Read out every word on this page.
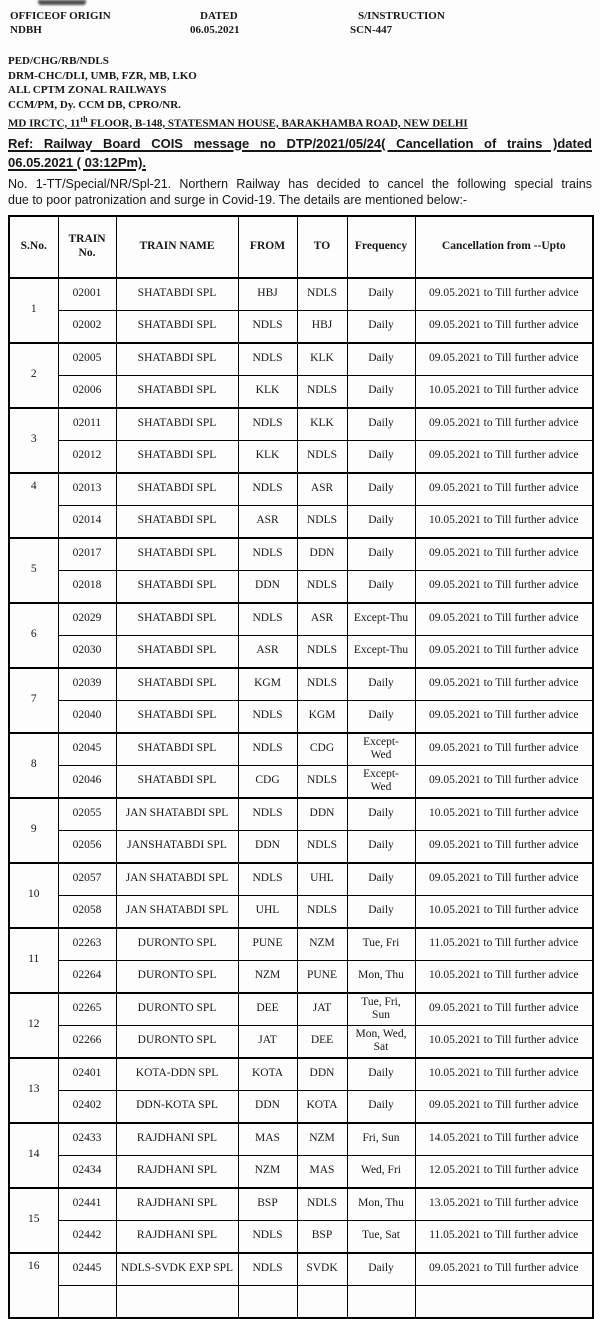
OFFICEOF ORIGIN
NDBH
DATED
06.05.2021
S/INSTRUCTION
SCN-447
PED/CHG/RB/NDLS
DRM-CHC/DLI, UMB, FZR, MB, LKO
ALL CPTM ZONAL RAILWAYS
CCM/PM, Dy. CCM DB, CPRO/NR.
MD IRCTC, 11th FLOOR, B-148, STATESMAN HOUSE, BARAKHAMBA ROAD, NEW DELHI
Ref: Railway Board COIS message no DTP/2021/05/24( Cancellation of trains )dated
06.05.2021 ( 03:12Pm).
No. 1-TT/Special/NR/Spl-21. Northern Railway has decided to cancel the following special trains
due to poor patronization and surge in Covid-19. The details are mentioned below:-
S.No.	TRAIN No.	TRAIN NAME	FROM	TO	Frequency	Cancellation from --Upto
1	02001	SHATABDI SPL	HBJ	NDLS	Daily	09.05.2021 to Till further advice
	02002	SHATABDI SPL	NDLS	HBJ	Daily	09.05.2021 to Till further advice
2	02005	SHATABDI SPL	NDLS	KLK	Daily	09.05.2021 to Till further advice
	02006	SHATABDI SPL	KLK	NDLS	Daily	10.05.2021 to Till further advice
3	02011	SHATABDI SPL	NDLS	KLK	Daily	09.05.2021 to Till further advice
	02012	SHATABDI SPL	KLK	NDLS	Daily	09.05.2021 to Till further advice
4	02013	SHATABDI SPL	NDLS	ASR	Daily	09.05.2021 to Till further advice
	02014	SHATABDI SPL	ASR	NDLS	Daily	10.05.2021 to Till further advice
5	02017	SHATABDI SPL	NDLS	DDN	Daily	09.05.2021 to Till further advice
	02018	SHATABDI SPL	DDN	NDLS	Daily	09.05.2021 to Till further advice
6	02029	SHATABDI SPL	NDLS	ASR	Except-Thu	09.05.2021 to Till further advice
	02030	SHATABDI SPL	ASR	NDLS	Except-Thu	09.05.2021 to Till further advice
7	02039	SHATABDI SPL	KGM	NDLS	Daily	09.05.2021 to Till further advice
	02040	SHATABDI SPL	NDLS	KGM	Daily	09.05.2021 to Till further advice
8	02045	SHATABDI SPL	NDLS	CDG	Except-Wed	09.05.2021 to Till further advice
	02046	SHATABDI SPL	CDG	NDLS	Except-Wed	09.05.2021 to Till further advice
9	02055	JAN SHATABDI SPL	NDLS	DDN	Daily	10.05.2021 to Till further advice
	02056	JANSHATABDI SPL	DDN	NDLS	Daily	09.05.2021 to Till further advice
10	02057	JAN SHATABDI SPL	NDLS	UHL	Daily	09.05.2021 to Till further advice
	02058	JAN SHATABDI SPL	UHL	NDLS	Daily	10.05.2021 to Till further advice
11	02263	DURONTO SPL	PUNE	NZM	Tue, Fri	11.05.2021 to Till further advice
	02264	DURONTO SPL	NZM	PUNE	Mon, Thu	10.05.2021 to Till further advice
12	02265	DURONTO SPL	DEE	JAT	Tue, Fri, Sun	09.05.2021 to Till further advice
	02266	DURONTO SPL	JAT	DEE	Mon, Wed, Sat	10.05.2021 to Till further advice
13	02401	KOTA-DDN SPL	KOTA	DDN	Daily	10.05.2021 to Till further advice
	02402	DDN-KOTA SPL	DDN	KOTA	Daily	09.05.2021 to Till further advice
14	02433	RAJDHANI SPL	MAS	NZM	Fri, Sun	14.05.2021 to Till further advice
	02434	RAJDHANI SPL	NZM	MAS	Wed, Fri	12.05.2021 to Till further advice
15	02441	RAJDHANI SPL	BSP	NDLS	Mon, Thu	13.05.2021 to Till further advice
	02442	RAJDHANI SPL	NDLS	BSP	Tue, Sat	11.05.2021 to Till further advice
16	02445	NDLS-SVDK EXP SPL	NDLS	SVDK	Daily	09.05.2021 to Till further advice
